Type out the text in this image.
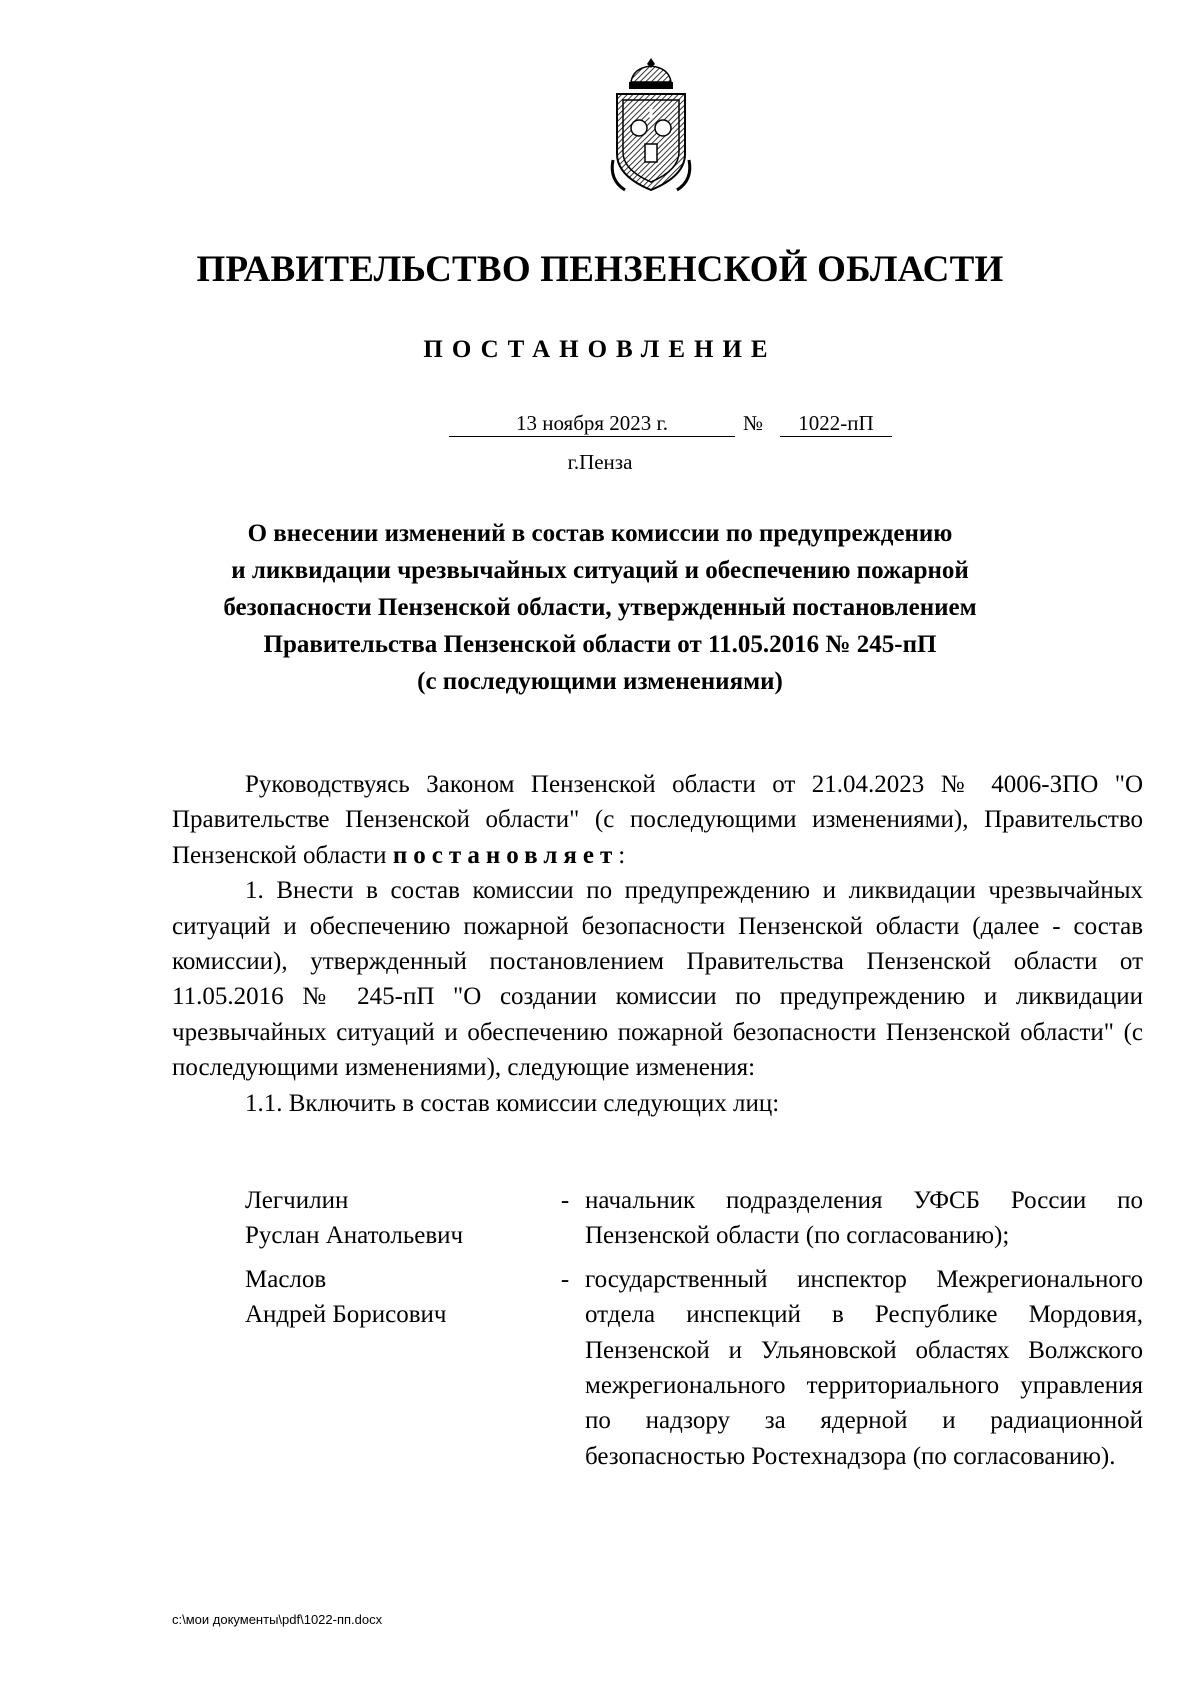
ПРАВИТЕЛЬСТВО ПЕНЗЕНСКОЙ ОБЛАСТИ
ПОСТАНОВЛЕНИЕ
13 ноября 2023 г.	№	1022-пП
г.Пенза
О внесении изменений в состав комиссии по предупреждению
и ликвидации чрезвычайных ситуаций и обеспечению пожарной
безопасности Пензенской области, утвержденный постановлением
Правительства Пензенской области от 11.05.2016 № 245-пП
(с последующими изменениями)

Руководствуясь Законом Пензенской области от 21.04.2023 № 4006-ЗПО "О Правительстве Пензенской области" (с последующими изменениями), Правительство Пензенской области постановляет:

1. Внести в состав комиссии по предупреждению и ликвидации чрезвычайных ситуаций и обеспечению пожарной безопасности Пензенской области (далее - состав комиссии), утвержденный постановлением Правительства Пензенской области от 11.05.2016 № 245-пП "О создании комиссии по предупреждению и ликвидации чрезвычайных ситуаций и обеспечению пожарной безопасности Пензенской области" (с последующими изменениями), следующие изменения:

1.1. Включить в состав комиссии следующих лиц:

Легчилин
Руслан Анатольевич
- начальник подразделения УФСБ России по Пензенской области (по согласованию);
Маслов
Андрей Борисович
- государственный инспектор Межрегионального отдела инспекций в Республике Мордовия, Пензенской и Ульяновской областях Волжского межрегионального территориального управления по надзору за ядерной и радиационной безопасностью Ростехнадзора (по согласованию).
c:\мои документы\pdf\1022-пп.docx
